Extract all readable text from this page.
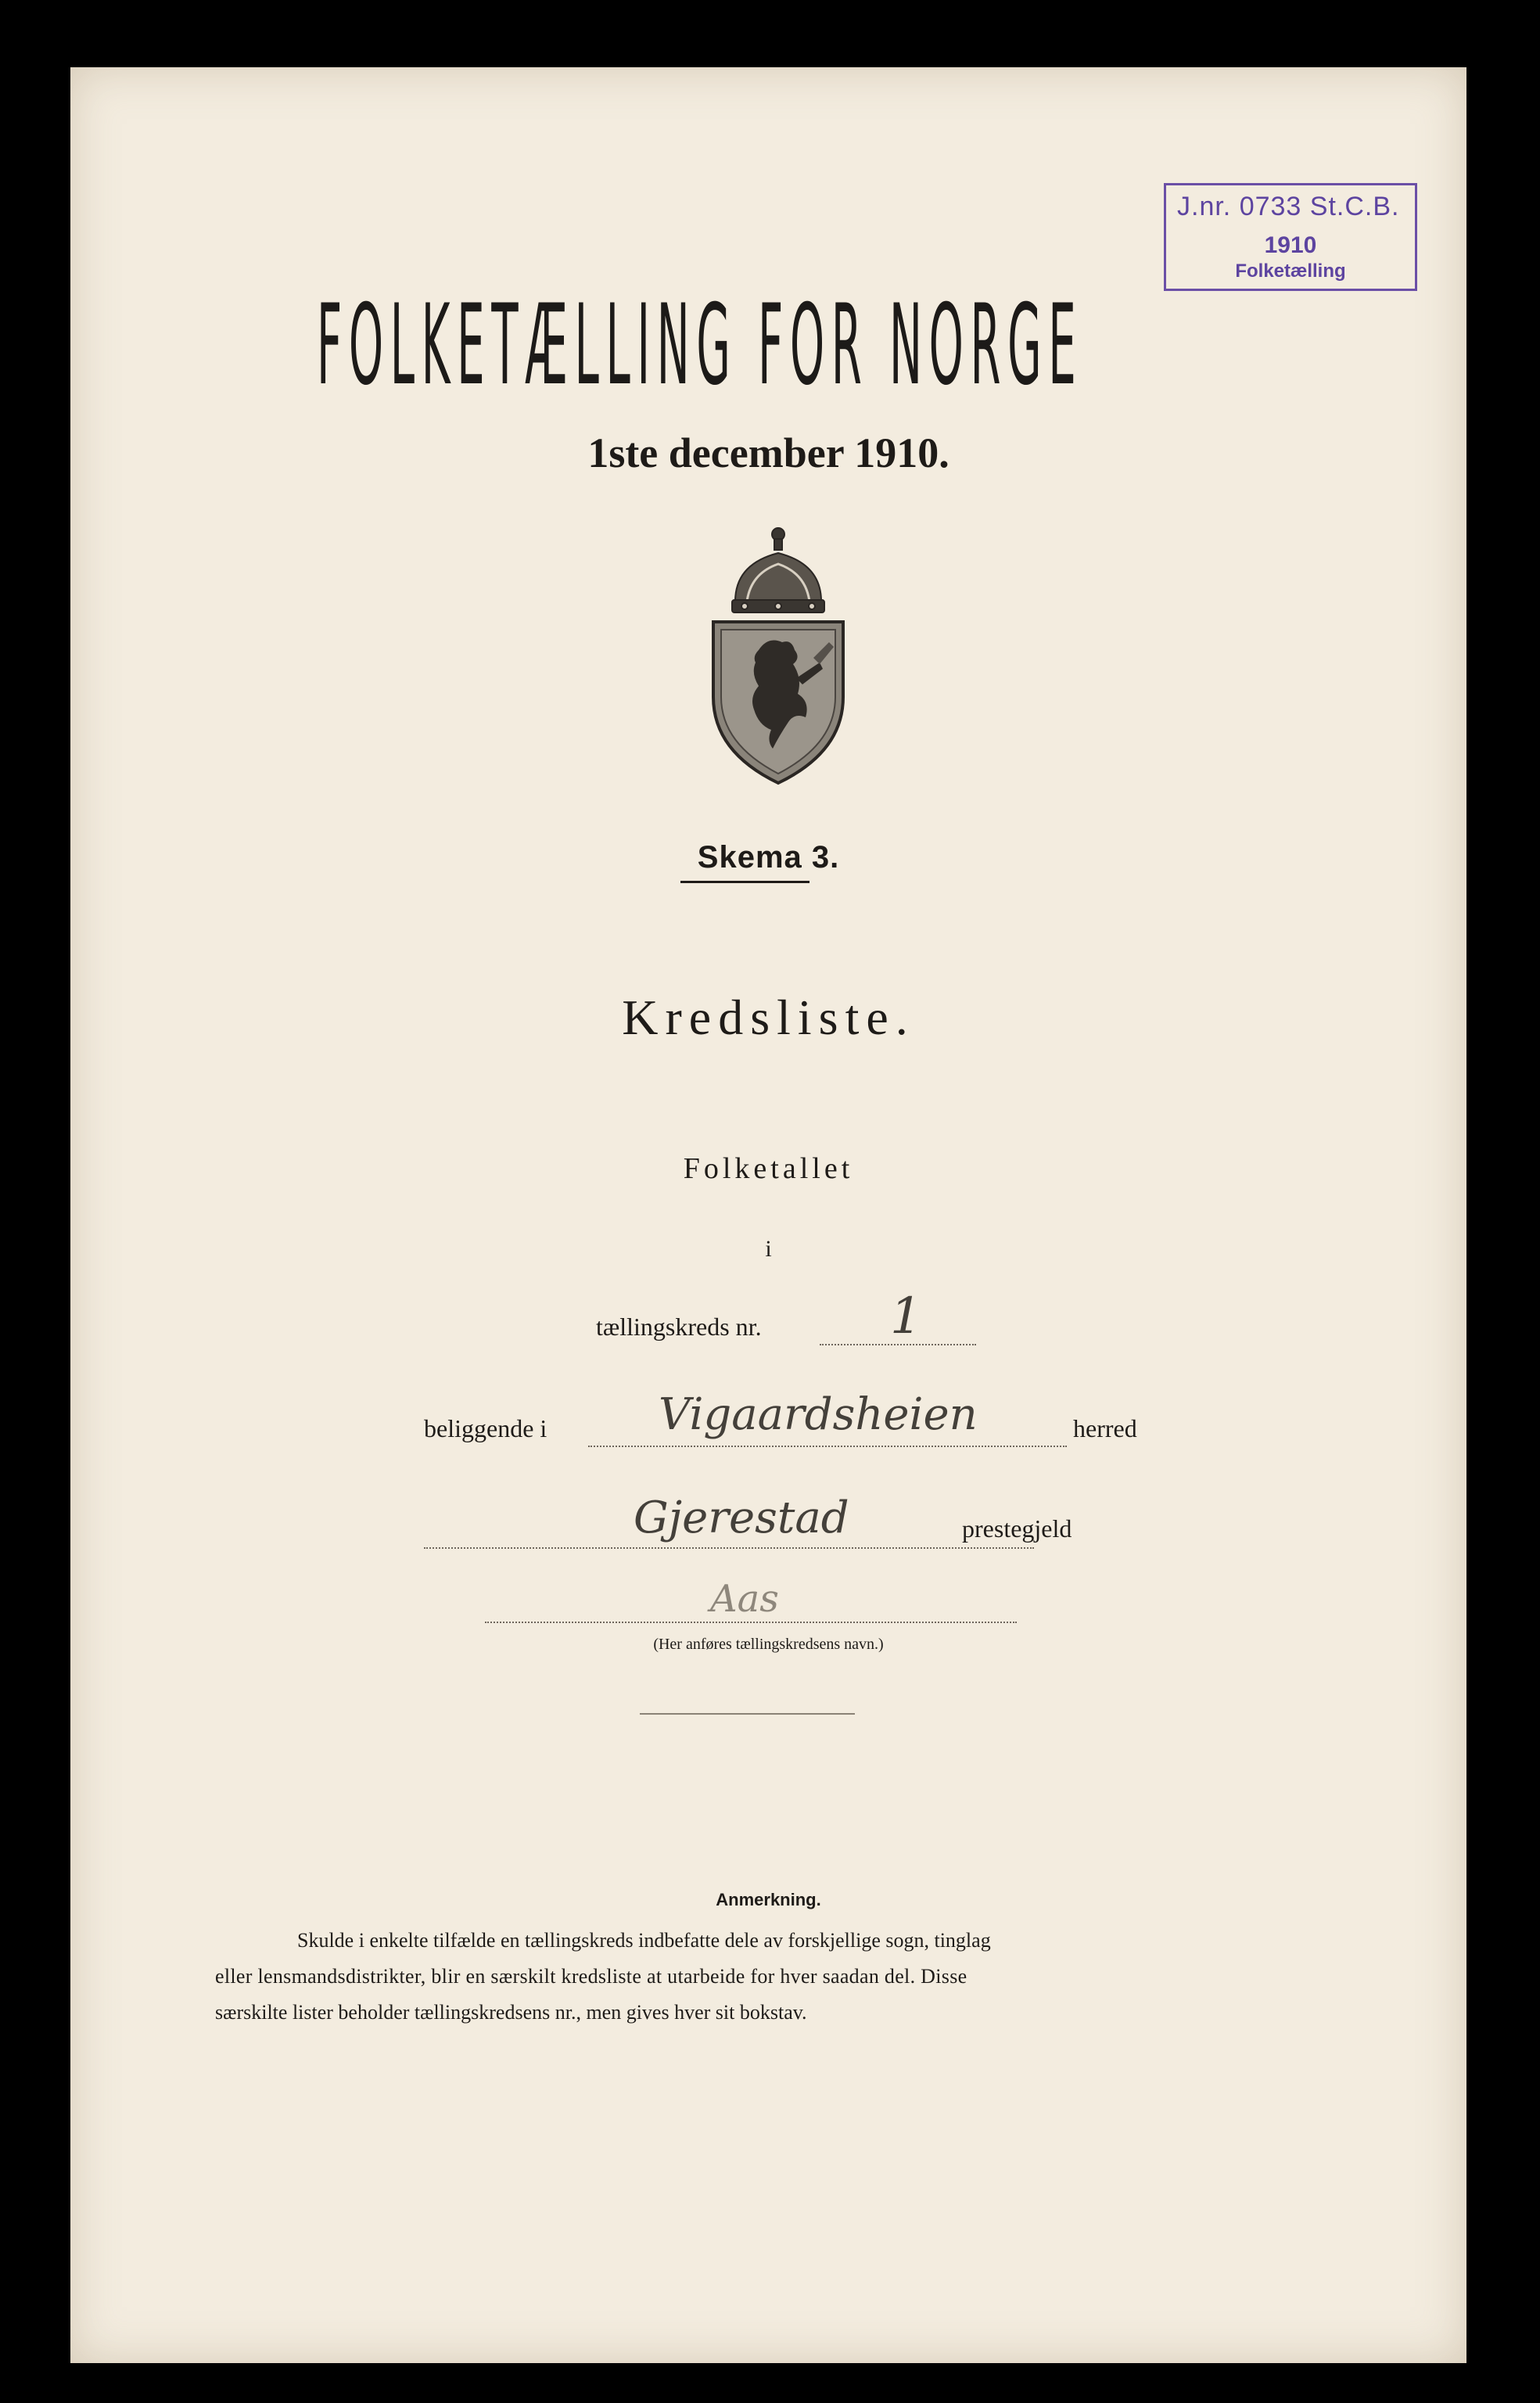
J.nr. 0733 St.C.B.
1910
Folketælling
FOLKETÆLLING FOR NORGE
1ste december 1910.
Skema 3.
Kredsliste.
Folketallet
i
tællingskreds nr.	1
beliggende i	Vigaardsheien	herred
Gjerestad	prestegjeld
Aas
(Her anføres tællingskredsens navn.)
Anmerkning.
Skulde i enkelte tilfælde en tællingskreds indbefatte dele av forskjellige sogn, tinglag
eller lensmandsdistrikter, blir en særskilt kredsliste at utarbeide for hver saadan del. Disse
særskilte lister beholder tællingskredsens nr., men gives hver sit bokstav.
